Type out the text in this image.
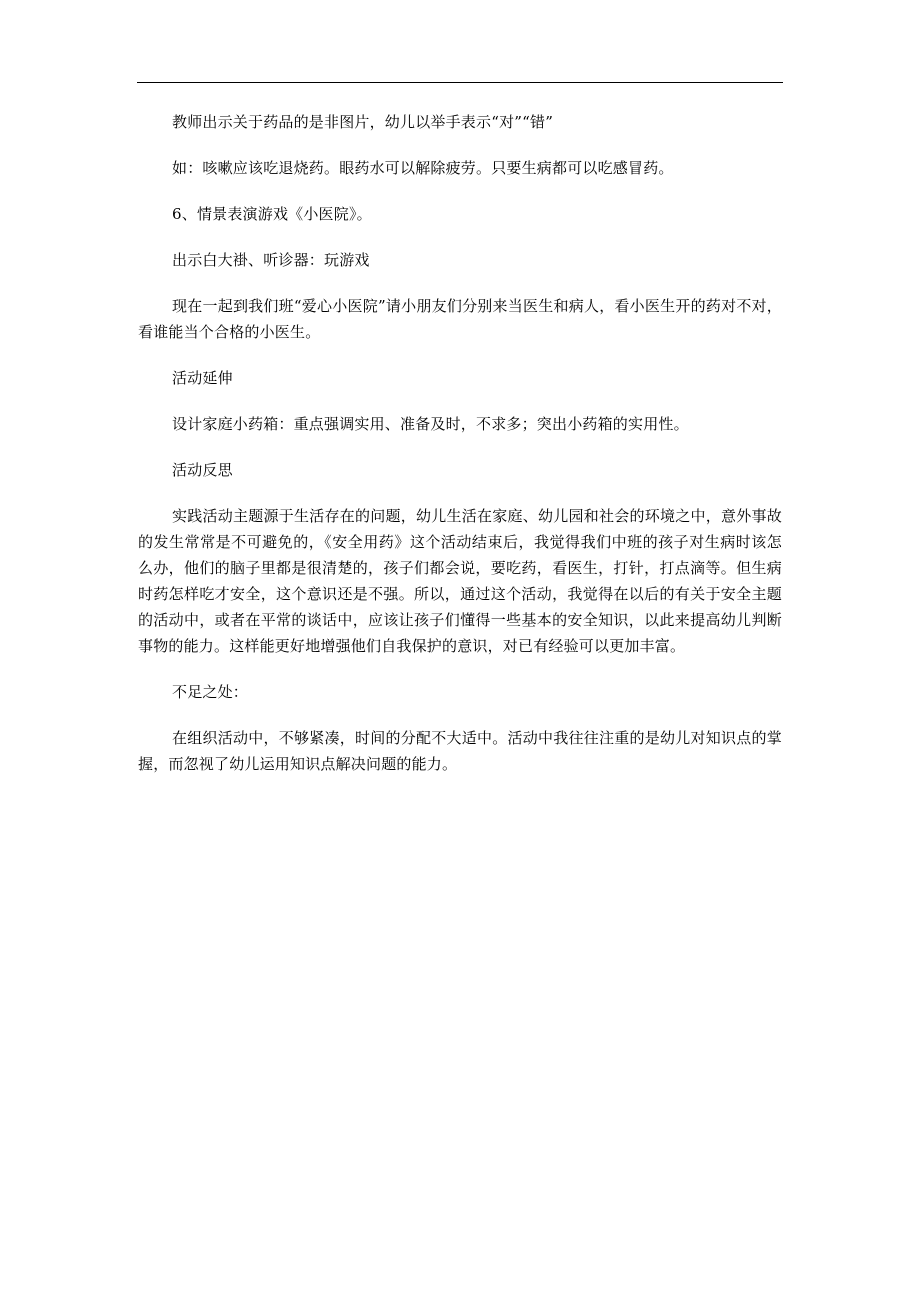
教师出示关于药品的是非图片，幼儿以举手表示“对”“错”

如：咳嗽应该吃退烧药。眼药水可以解除疲劳。只要生病都可以吃感冒药。

6、情景表演游戏《小医院》。

出示白大褂、听诊器：玩游戏

现在一起到我们班“爱心小医院”请小朋友们分别来当医生和病人，看小医生开的药对不对，看谁能当个合格的小医生。

活动延伸

设计家庭小药箱：重点强调实用、准备及时，不求多；突出小药箱的实用性。

活动反思

实践活动主题源于生活存在的问题，幼儿生活在家庭、幼儿园和社会的环境之中，意外事故的发生常常是不可避免的，《安全用药》这个活动结束后，我觉得我们中班的孩子对生病时该怎么办，他们的脑子里都是很清楚的，孩子们都会说，要吃药，看医生，打针，打点滴等。但生病时药怎样吃才安全，这个意识还是不强。所以，通过这个活动，我觉得在以后的有关于安全主题的活动中，或者在平常的谈话中，应该让孩子们懂得一些基本的安全知识，以此来提高幼儿判断事物的能力。这样能更好地增强他们自我保护的意识，对已有经验可以更加丰富。

不足之处：

在组织活动中，不够紧凑，时间的分配不大适中。活动中我往往注重的是幼儿对知识点的掌握，而忽视了幼儿运用知识点解决问题的能力。
